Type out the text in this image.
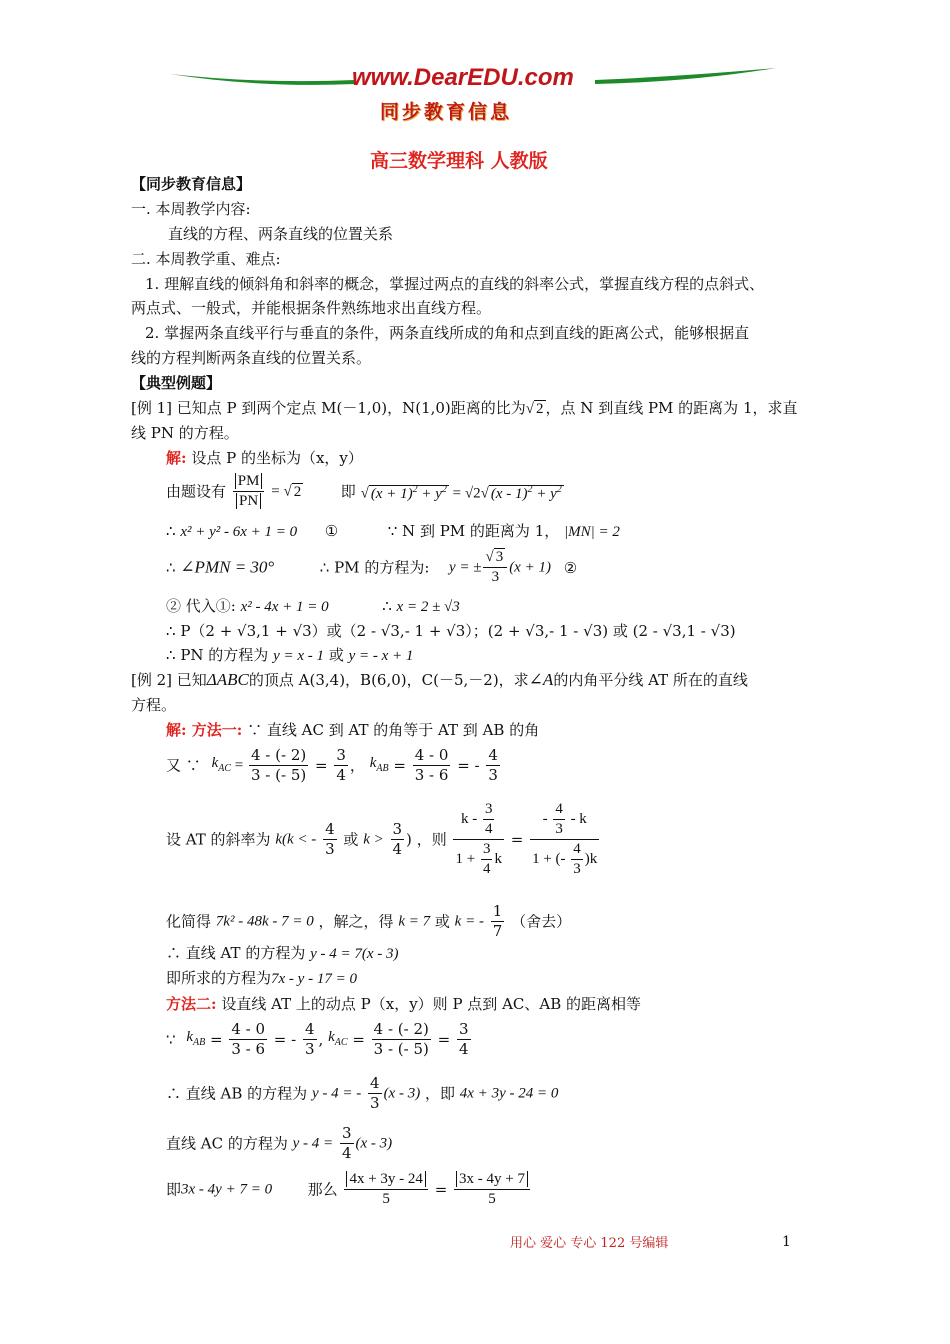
www.DearEDU.com
同步教育信息
高三数学理科 人教版
【同步教育信息】
一. 本周教学内容:
直线的方程、两条直线的位置关系
二. 本周教学重、难点:
1. 理解直线的倾斜角和斜率的概念，掌握过两点的直线的斜率公式，掌握直线方程的点斜式、
两点式、一般式，并能根据条件熟练地求出直线方程。
2. 掌握两条直线平行与垂直的条件，两条直线所成的角和点到直线的距离公式，能够根据直
线的方程判断两条直线的位置关系。
【典型例题】
[例 1] 已知点 P 到两个定点 M(－1,0)，N(1,0)距离的比为√ 2 ，点 N 到直线 PM 的距离为 1，求直
线 PN 的方程。
解: 设点 P 的坐标为（x，y）
由题设有 $\frac{PM}{PN}$ = √ 2	即 √ $(x + 1)^2 + y^2 = √2√$ $(x - 1)^2 + y^2$
∴ x² + y² - 6x + 1 = 0 ①	∵ N 到 PM 的距离为 1， |MN| = 2
∴ ∠PMN = 30°	∴ PM 的方程为: y = ± $\frac{√ 3}{3} (x + 1)$ ②
② 代入①: x² - 4x + 1 = 0	∴ x = 2 ± √3
∴ P（2 + √3,1 + √3）或（2 - √3,- 1 + √3）；(2 + √3,- 1 - √3) 或 (2 - √3,1 - √3)
∴ PN 的方程为 y = x - 1 或 y = - x + 1
[例 2] 已知ΔABC的顶点 A(3,4)，B(6,0)，C(－5,－2)，求∠A的内角平分线 AT 所在的直线
方程。
解: 方法一: ∵ 直线 AC 到 AT 的角等于 AT 到 AB 的角
又 ∵ $k_{AC} = \frac{4 - (- 2)}{3 - (- 5)} = \frac{3}{4}$ ， $k_{AB} = \frac{4 - 0}{3 - 6}$ = - $\frac{4}{3}$
设 AT 的斜率为 k(k < - $\frac{4}{3}$ 或 $k > \frac{3}{4}$ ) ，则 $\frac{k - \frac{3}{4}}{1 + \frac{3}{4} k} = \frac{- \frac{4}{3} - k}{1 + (- \frac{4}{3} )k}$
化简得 7k² - 48k - 7 = 0 ，解之，得 k = 7 或 k = - $\frac{1}{7}$ （舍去）
∴ 直线 AT 的方程为 y - 4 = 7(x - 3)
即所求的方程为7x - y - 17 = 0
方法二: 设直线 AT 上的动点 P（x，y）则 P 点到 AC、AB 的距离相等
∵ $k_{AB} = \frac{4 - 0}{3 - 6}$ = - $\frac{4}{3}$ , $k_{AC} = \frac{4 - (- 2)}{3 - (- 5)} = \frac{3}{4}$
∴ 直线 AB 的方程为 y - 4 = - $\frac{4}{3} (x - 3)$ ，即 4x + 3y - 24 = 0
直线 AC 的方程为 $y - 4 = \frac{3}{4} (x - 3)$
即3x - 4y + 7 = 0 那么 $\frac{4x + 3y - 24}{5} = \frac{3x - 4y + 7}{5}$
用心 爱心 专心 122 号编辑	1
